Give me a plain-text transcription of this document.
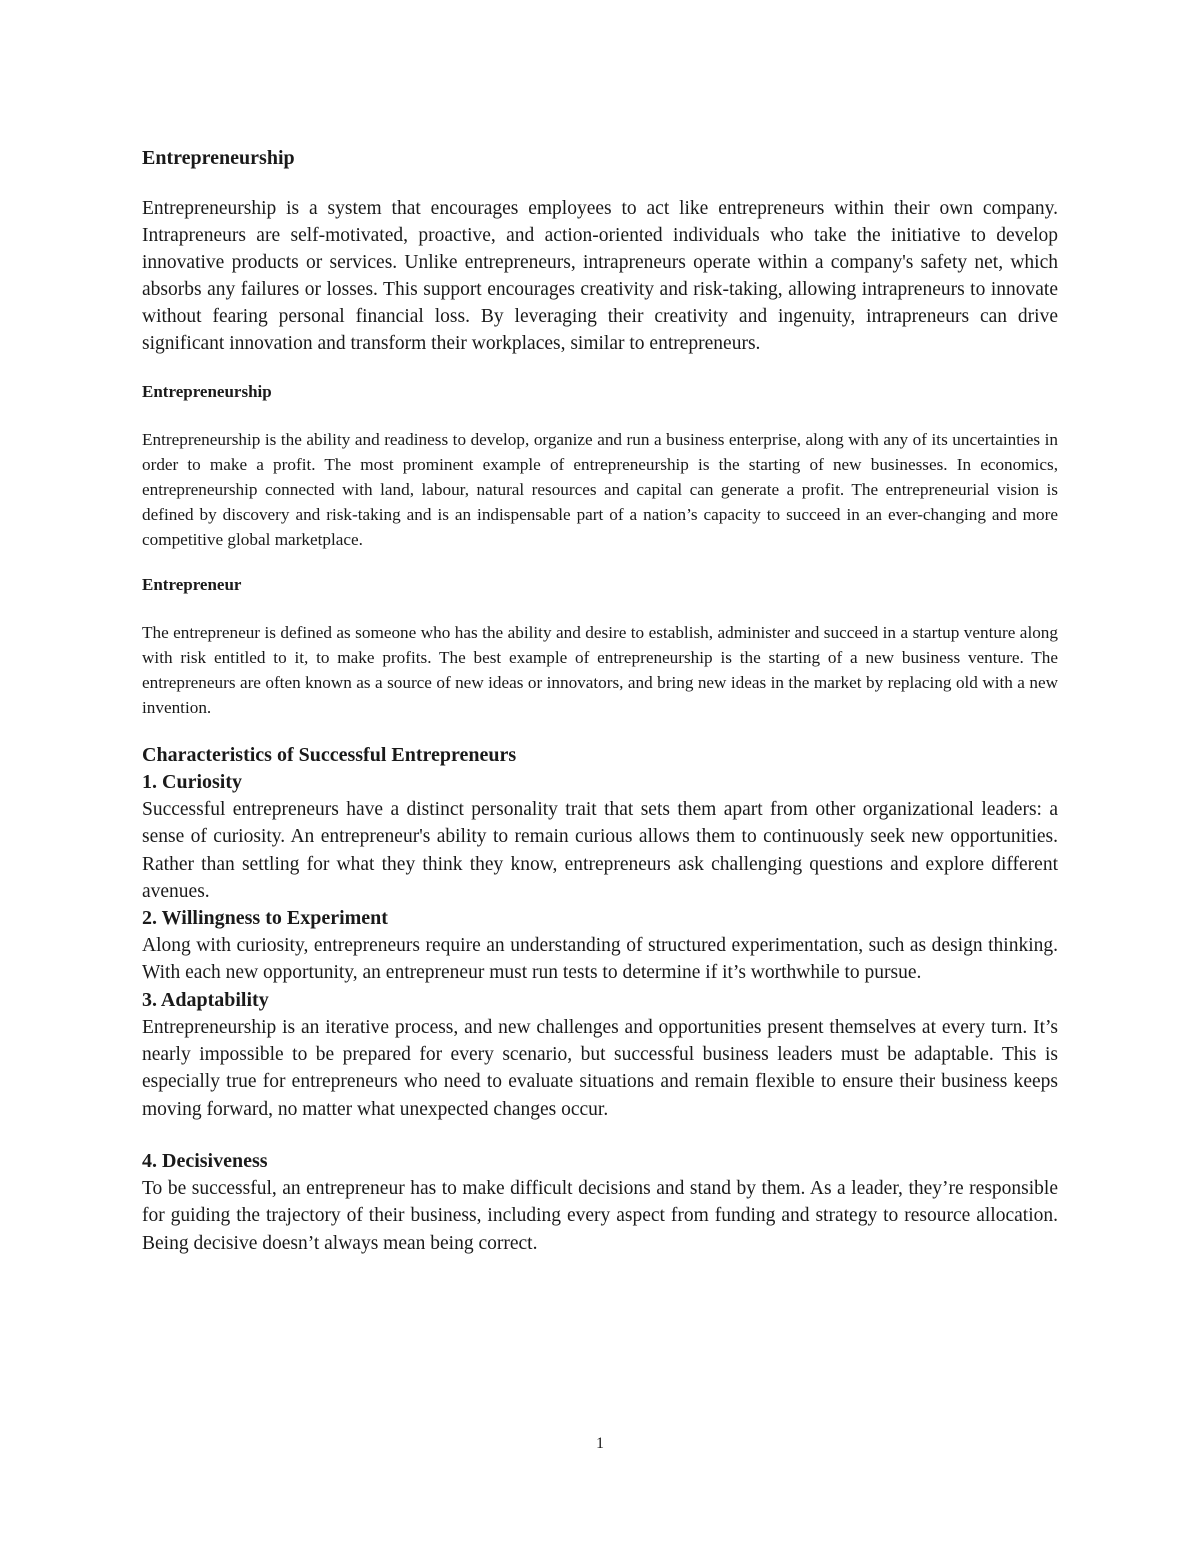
Entrepreneurship

Entrepreneurship is a system that encourages employees to act like entrepreneurs within their own company. Intrapreneurs are self-motivated, proactive, and action-oriented individuals who take the initiative to develop innovative products or services. Unlike entrepreneurs, intrapreneurs operate within a company's safety net, which absorbs any failures or losses. This support encourages creativity and risk-taking, allowing intrapreneurs to innovate without fearing personal financial loss. By leveraging their creativity and ingenuity, intrapreneurs can drive significant innovation and transform their workplaces, similar to entrepreneurs.

Entrepreneurship

Entrepreneurship is the ability and readiness to develop, organize and run a business enterprise, along with any of its uncertainties in order to make a profit. The most prominent example of entrepreneurship is the starting of new businesses. In economics, entrepreneurship connected with land, labour, natural resources and capital can generate a profit. The entrepreneurial vision is defined by discovery and risk-taking and is an indispensable part of a nation’s capacity to succeed in an ever-changing and more competitive global marketplace.

Entrepreneur

The entrepreneur is defined as someone who has the ability and desire to establish, administer and succeed in a startup venture along with risk entitled to it, to make profits. The best example of entrepreneurship is the starting of a new business venture. The entrepreneurs are often known as a source of new ideas or innovators, and bring new ideas in the market by replacing old with a new invention.

Characteristics of Successful Entrepreneurs
1. Curiosity

Successful entrepreneurs have a distinct personality trait that sets them apart from other organizational leaders: a sense of curiosity. An entrepreneur's ability to remain curious allows them to continuously seek new opportunities. Rather than settling for what they think they know, entrepreneurs ask challenging questions and explore different avenues.

2. Willingness to Experiment

Along with curiosity, entrepreneurs require an understanding of structured experimentation, such as design thinking. With each new opportunity, an entrepreneur must run tests to determine if it’s worthwhile to pursue.

3. Adaptability

Entrepreneurship is an iterative process, and new challenges and opportunities present themselves at every turn. It’s nearly impossible to be prepared for every scenario, but successful business leaders must be adaptable. This is especially true for entrepreneurs who need to evaluate situations and remain flexible to ensure their business keeps moving forward, no matter what unexpected changes occur.

4. Decisiveness

To be successful, an entrepreneur has to make difficult decisions and stand by them. As a leader, they’re responsible for guiding the trajectory of their business, including every aspect from funding and strategy to resource allocation. Being decisive doesn’t always mean being correct.

1
